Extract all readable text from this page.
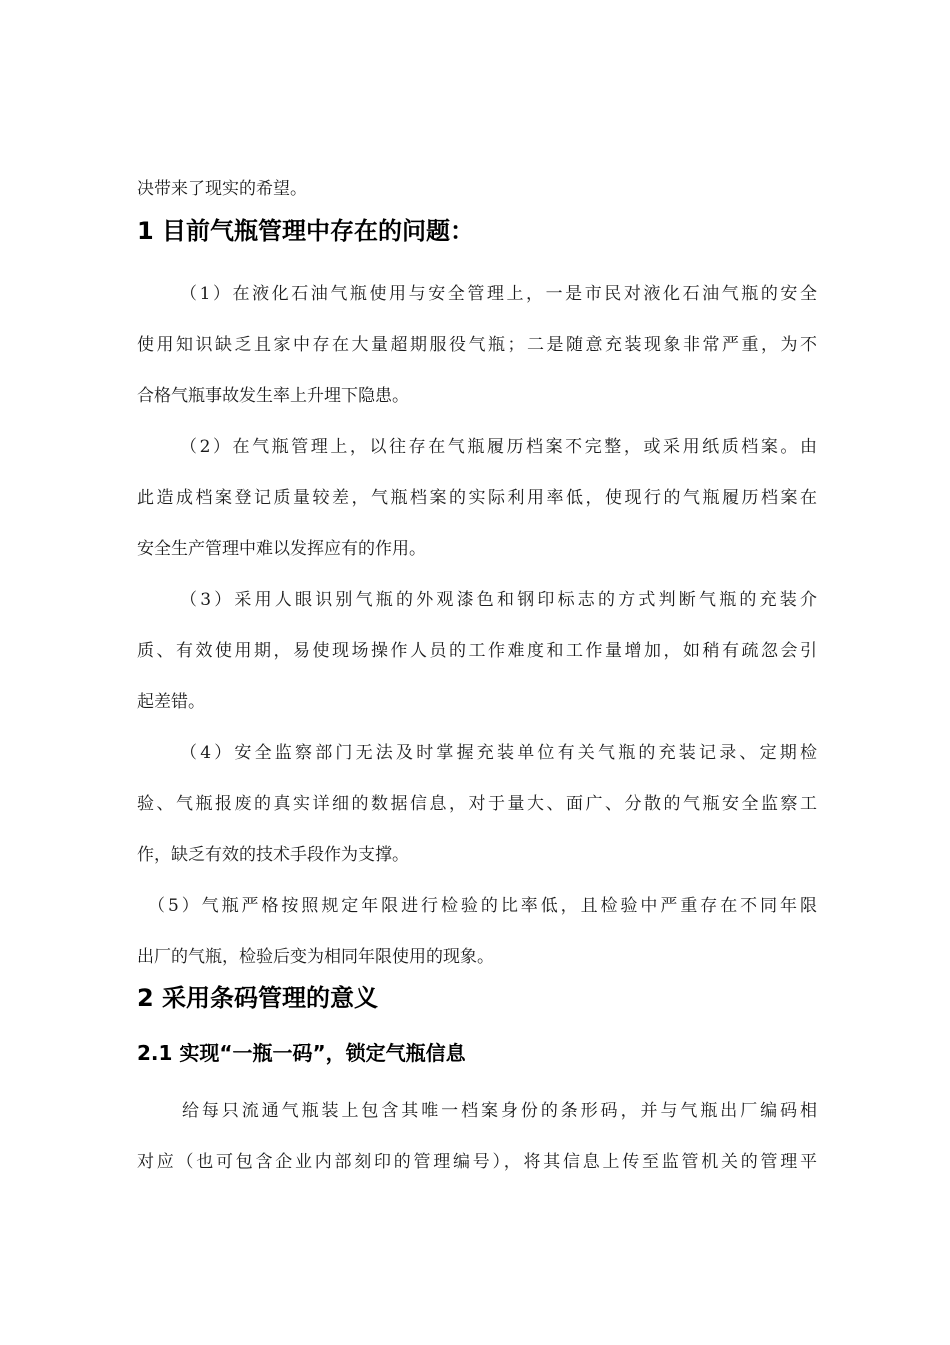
决带来了现实的希望。
1 目前气瓶管理中存在的问题：
（1）在液化石油气瓶使用与安全管理上，一是市民对液化石油气瓶的安全
使用知识缺乏且家中存在大量超期服役气瓶；二是随意充装现象非常严重，为不
合格气瓶事故发生率上升埋下隐患。
（2）在气瓶管理上，以往存在气瓶履历档案不完整，或采用纸质档案。由
此造成档案登记质量较差，气瓶档案的实际利用率低，使现行的气瓶履历档案在
安全生产管理中难以发挥应有的作用。
（3）采用人眼识别气瓶的外观漆色和钢印标志的方式判断气瓶的充装介
质、有效使用期，易使现场操作人员的工作难度和工作量增加，如稍有疏忽会引
起差错。
（4）安全监察部门无法及时掌握充装单位有关气瓶的充装记录、定期检
验、气瓶报废的真实详细的数据信息，对于量大、面广、分散的气瓶安全监察工
作，缺乏有效的技术手段作为支撑。
（5）气瓶严格按照规定年限进行检验的比率低，且检验中严重存在不同年限
出厂的气瓶，检验后变为相同年限使用的现象。
2 采用条码管理的意义
2.1 实现“一瓶一码”，锁定气瓶信息
给每只流通气瓶装上包含其唯一档案身份的条形码，并与气瓶出厂编码相
对应（也可包含企业内部刻印的管理编号），将其信息上传至监管机关的管理平
